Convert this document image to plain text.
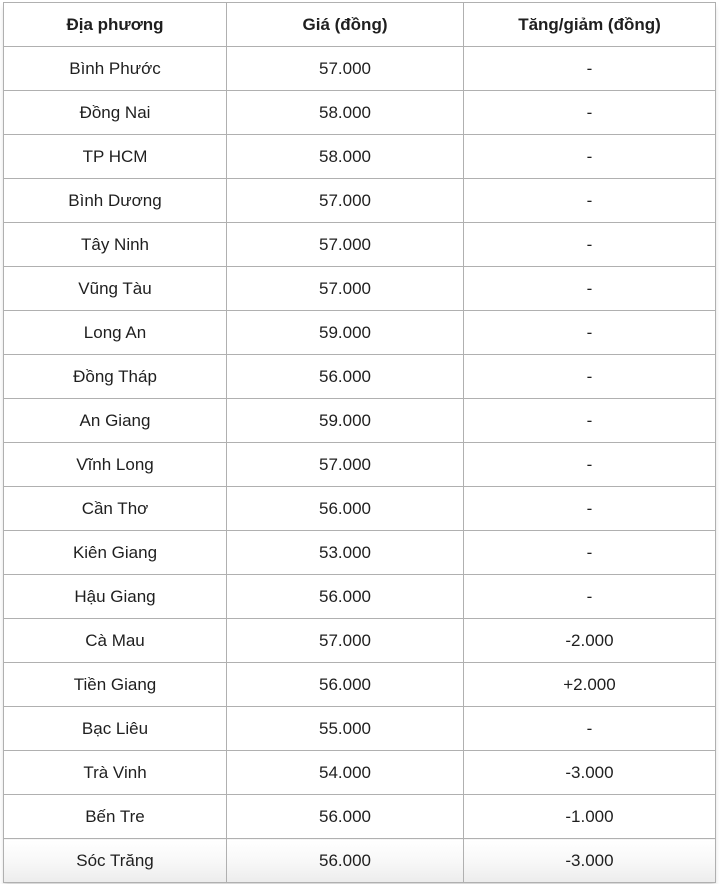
Địa phương	Giá (đồng)	Tăng/giảm (đồng)
Bình Phước	57.000	-
Đồng Nai	58.000	-
TP HCM	58.000	-
Bình Dương	57.000	-
Tây Ninh	57.000	-
Vũng Tàu	57.000	-
Long An	59.000	-
Đồng Tháp	56.000	-
An Giang	59.000	-
Vĩnh Long	57.000	-
Cần Thơ	56.000	-
Kiên Giang	53.000	-
Hậu Giang	56.000	-
Cà Mau	57.000	-2.000
Tiền Giang	56.000	+2.000
Bạc Liêu	55.000	-
Trà Vinh	54.000	-3.000
Bến Tre	56.000	-1.000
Sóc Trăng	56.000	-3.000
